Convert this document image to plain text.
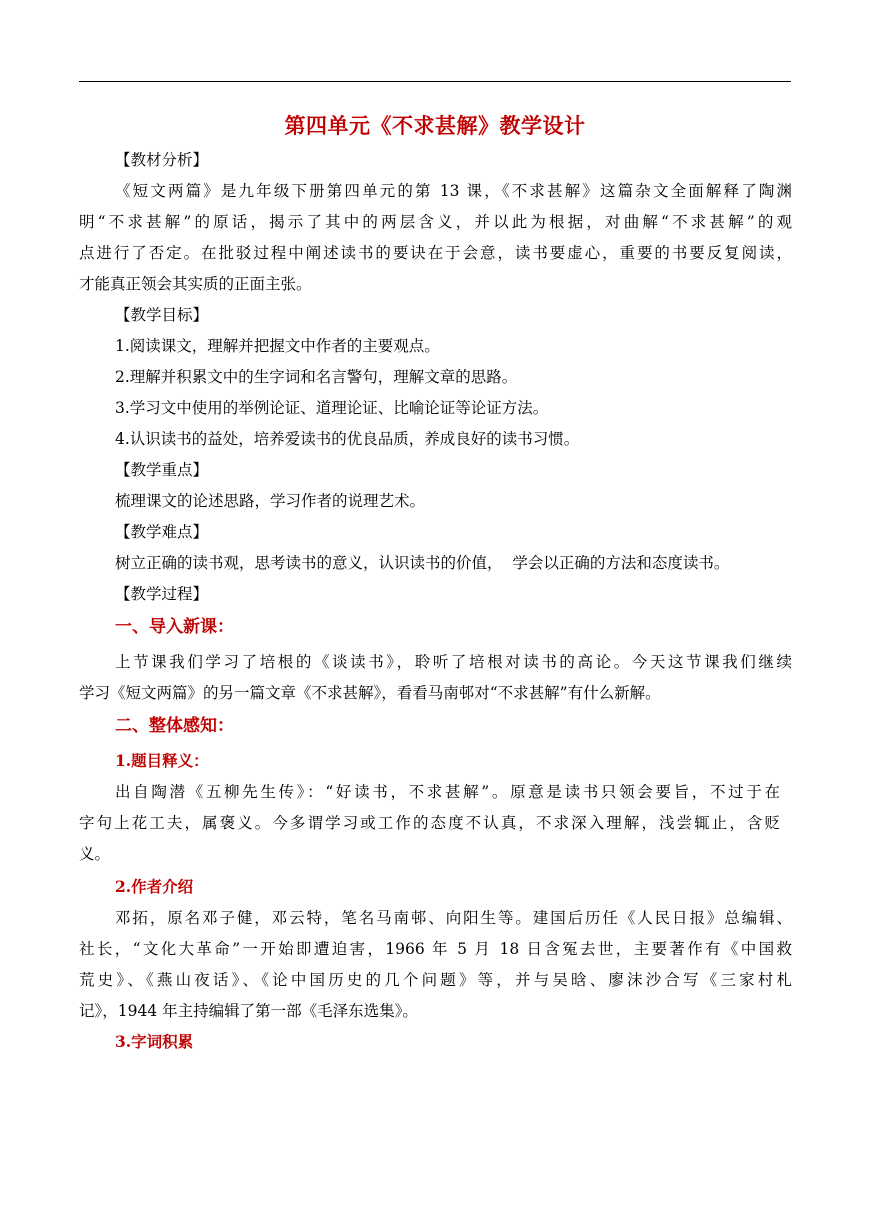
第四单元《不求甚解》教学设计
【教材分析】
《短文两篇》是九年级下册第四单元的第 13 课，《不求甚解》这篇杂文全面解释了陶渊
明“不求甚解”的原话，揭示了其中的两层含义，并以此为根据，对曲解“不求甚解”的观
点进行了否定。在批驳过程中阐述读书的要诀在于会意，读书要虚心，重要的书要反复阅读，
才能真正领会其实质的正面主张。
【教学目标】
1.阅读课文，理解并把握文中作者的主要观点。
2.理解并积累文中的生字词和名言警句，理解文章的思路。
3.学习文中使用的举例论证、道理论证、比喻论证等论证方法。
4.认识读书的益处，培养爱读书的优良品质，养成良好的读书习惯。
【教学重点】
梳理课文的论述思路，学习作者的说理艺术。
【教学难点】
树立正确的读书观，思考读书的意义，认识读书的价值，  学会以正确的方法和态度读书。
【教学过程】
一、导入新课：
上节课我们学习了培根的《谈读书》，聆听了培根对读书的高论。今天这节课我们继续
学习《短文两篇》的另一篇文章《不求甚解》，看看马南邨对“不求甚解”有什么新解。
二、整体感知：
1.题目释义：
出自陶潜《五柳先生传》：“好读书，不求甚解”。原意是读书只领会要旨，不过于在
字句上花工夫，属褒义。今多谓学习或工作的态度不认真，不求深入理解，浅尝辄止，含贬
义。
2.作者介绍
邓拓，原名邓子健，邓云特，笔名马南邨、向阳生等。建国后历任《人民日报》总编辑、
社长，“文化大革命”一开始即遭迫害，1966 年 5 月 18 日含冤去世，主要著作有《中国救
荒史》、《燕山夜话》、《论中国历史的几个问题》等，并与吴晗、廖沫沙合写《三家村札
记》，1944 年主持编辑了第一部《毛泽东选集》。
3.字词积累
